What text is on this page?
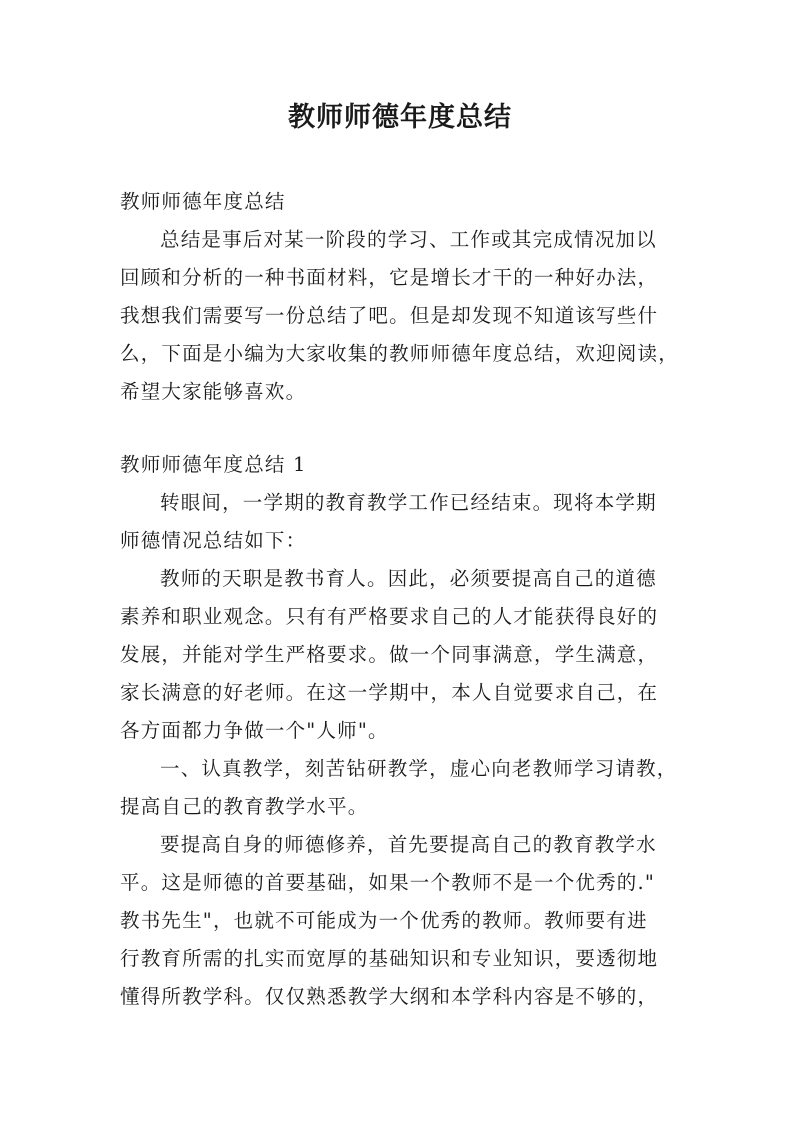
教师师德年度总结
教师师德年度总结
总结是事后对某一阶段的学习、工作或其完成情况加以
回顾和分析的一种书面材料，它是增长才干的一种好办法，
我想我们需要写一份总结了吧。但是却发现不知道该写些什
么，下面是小编为大家收集的教师师德年度总结，欢迎阅读，
希望大家能够喜欢。
教师师德年度总结 1
转眼间，一学期的教育教学工作已经结束。现将本学期
师德情况总结如下：
教师的天职是教书育人。因此，必须要提高自己的道德
素养和职业观念。只有有严格要求自己的人才能获得良好的
发展，并能对学生严格要求。做一个同事满意，学生满意，
家长满意的好老师。在这一学期中，本人自觉要求自己，在
各方面都力争做一个"人师"。
一、认真教学，刻苦钻研教学，虚心向老教师学习请教，
提高自己的教育教学水平。
要提高自身的师德修养，首先要提高自己的教育教学水
平。这是师德的首要基础，如果一个教师不是一个优秀的."
教书先生"，也就不可能成为一个优秀的教师。教师要有进
行教育所需的扎实而宽厚的基础知识和专业知识，要透彻地
懂得所教学科。仅仅熟悉教学大纲和本学科内容是不够的，
